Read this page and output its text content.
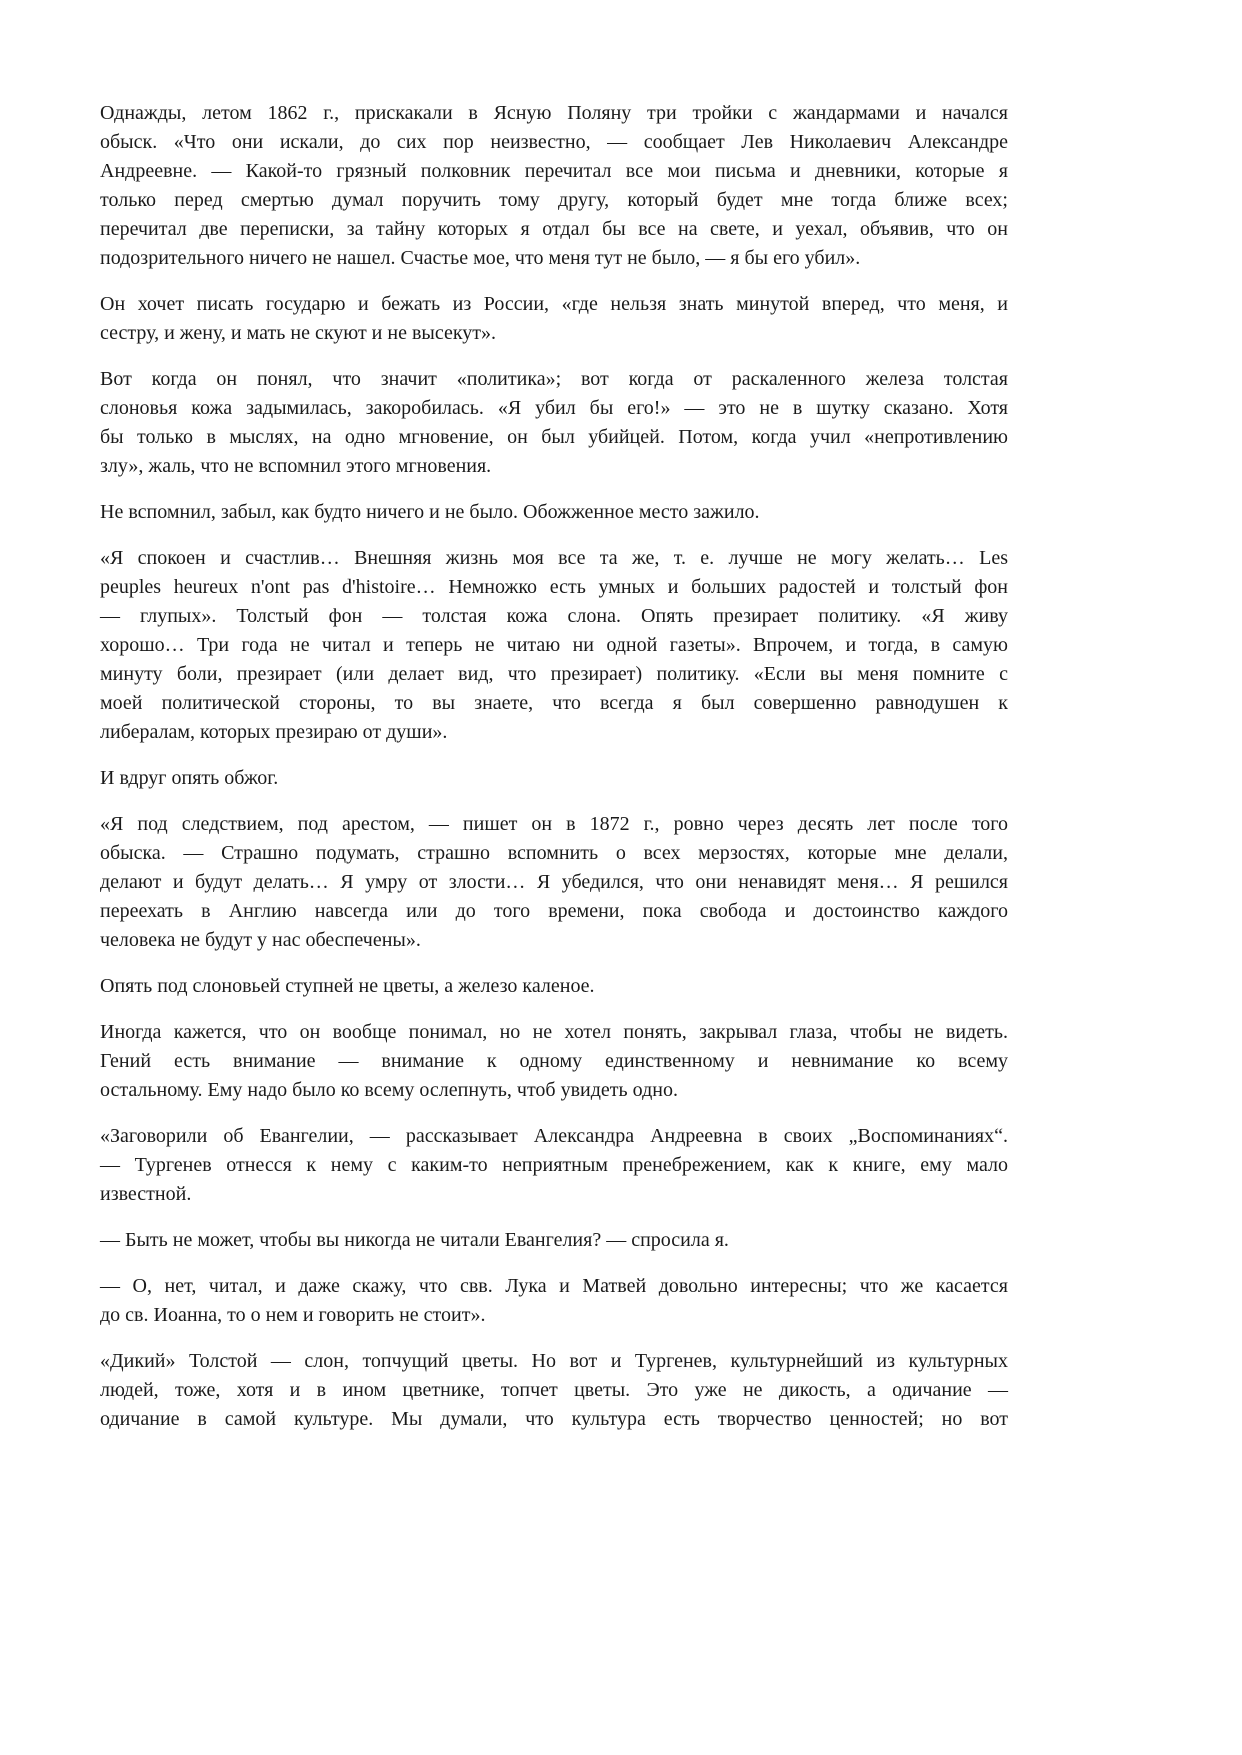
Однажды, летом 1862 г., прискакали в Ясную Поляну три тройки с жандармами и начался
обыск. «Что они искали, до сих пор неизвестно, — сообщает Лев Николаевич Александре
Андреевне. — Какой-то грязный полковник перечитал все мои письма и дневники, которые я
только перед смертью думал поручить тому другу, который будет мне тогда ближе всех;
перечитал две переписки, за тайну которых я отдал бы все на свете, и уехал, объявив, что он
подозрительного ничего не нашел. Счастье мое, что меня тут не было, — я бы его убил».
Он хочет писать государю и бежать из России, «где нельзя знать минутой вперед, что меня, и
сестру, и жену, и мать не скуют и не высекут».
Вот когда он понял, что значит «политика»; вот когда от раскаленного железа толстая
слоновья кожа задымилась, закоробилась. «Я убил бы его!» — это не в шутку сказано. Хотя
бы только в мыслях, на одно мгновение, он был убийцей. Потом, когда учил «непротивлению
злу», жаль, что не вспомнил этого мгновения.
Не вспомнил, забыл, как будто ничего и не было. Обожженное место зажило.
«Я спокоен и счастлив… Внешняя жизнь моя все та же, т. е. лучше не могу желать… Les
peuples heureux n'ont pas d'histoire… Немножко есть умных и больших радостей и толстый фон
— глупых». Толстый фон — толстая кожа слона. Опять презирает политику. «Я живу
хорошо… Три года не читал и теперь не читаю ни одной газеты». Впрочем, и тогда, в самую
минуту боли, презирает (или делает вид, что презирает) политику. «Если вы меня помните с
моей политической стороны, то вы знаете, что всегда я был совершенно равнодушен к
либералам, которых презираю от души».
И вдруг опять обжог.
«Я под следствием, под арестом, — пишет он в 1872 г., ровно через десять лет после того
обыска. — Страшно подумать, страшно вспомнить о всех мерзостях, которые мне делали,
делают и будут делать… Я умру от злости… Я убедился, что они ненавидят меня… Я решился
переехать в Англию навсегда или до того времени, пока свобода и достоинство каждого
человека не будут у нас обеспечены».
Опять под слоновьей ступней не цветы, а железо каленое.
Иногда кажется, что он вообще понимал, но не хотел понять, закрывал глаза, чтобы не видеть.
Гений есть внимание — внимание к одному единственному и невнимание ко всему
остальному. Ему надо было ко всему ослепнуть, чтоб увидеть одно.
«Заговорили об Евангелии, — рассказывает Александра Андреевна в своих „Воспоминаниях“.
— Тургенев отнесся к нему с каким-то неприятным пренебрежением, как к книге, ему мало
известной.
— Быть не может, чтобы вы никогда не читали Евангелия? — спросила я.
— О, нет, читал, и даже скажу, что свв. Лука и Матвей довольно интересны; что же касается
до св. Иоанна, то о нем и говорить не стоит».
«Дикий» Толстой — слон, топчущий цветы. Но вот и Тургенев, культурнейший из культурных
людей, тоже, хотя и в ином цветнике, топчет цветы. Это уже не дикость, а одичание —
одичание в самой культуре. Мы думали, что культура есть творчество ценностей; но вот
